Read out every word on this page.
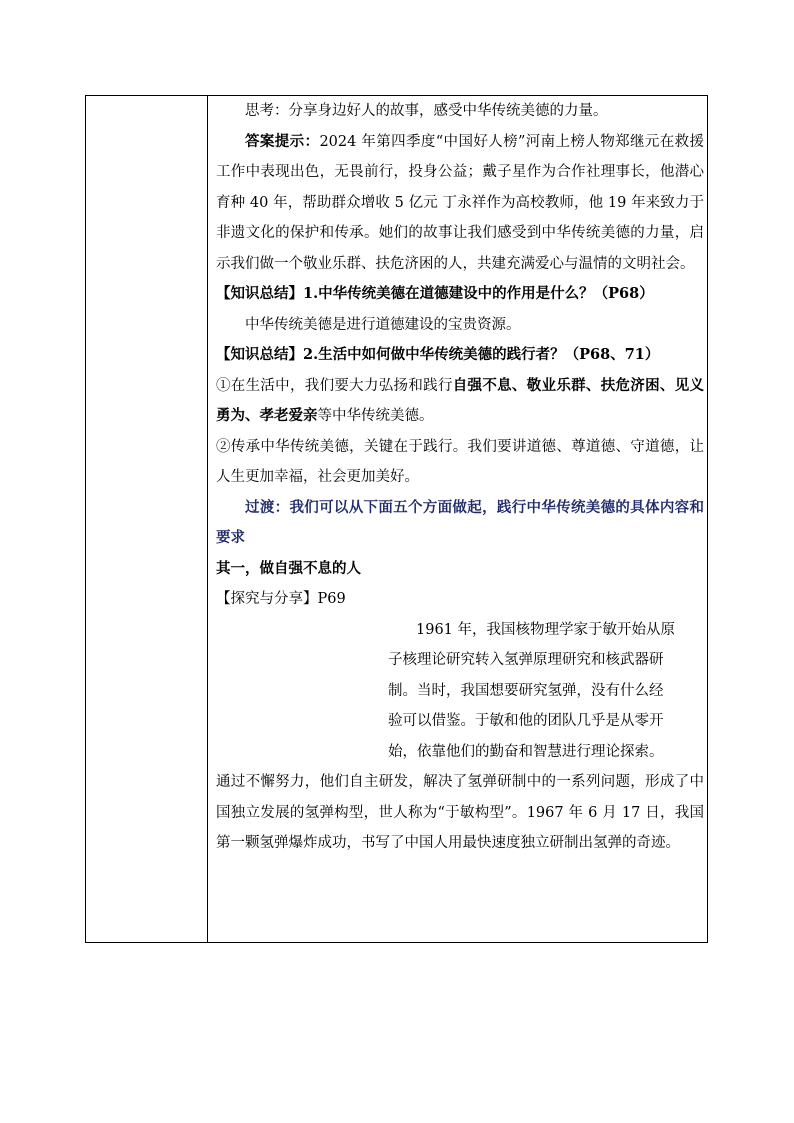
思考：分享身边好人的故事，感受中华传统美德的力量。

答案提示：2024 年第四季度“中国好人榜”河南上榜人物郑继元在救援工作中表现出色，无畏前行，投身公益；戴子星作为合作社理事长，他潜心育种 40 年，帮助群众增收 5 亿元 丁永祥作为高校教师，他 19 年来致力于非遗文化的保护和传承。她们的故事让我们感受到中华传统美德的力量，启示我们做一个敬业乐群、扶危济困的人，共建充满爱心与温情的文明社会。

【知识总结】1.中华传统美德在道德建设中的作用是什么？（P68）

中华传统美德是进行道德建设的宝贵资源。

【知识总结】2.生活中如何做中华传统美德的践行者？（P68、71）

①在生活中，我们要大力弘扬和践行自强不息、敬业乐群、扶危济困、见义勇为、孝老爱亲等中华传统美德。

②传承中华传统美德，关键在于践行。我们要讲道德、尊道德、守道德，让人生更加幸福，社会更加美好。

过渡：我们可以从下面五个方面做起，践行中华传统美德的具体内容和要求

其一，做自强不息的人

【探究与分享】P69

1961 年，我国核物理学家于敏开始从原
子核理论研究转入氢弹原理研究和核武器研
制。当时，我国想要研究氢弹，没有什么经
验可以借鉴。于敏和他的团队几乎是从零开
始，依靠他们的勤奋和智慧进行理论探索。

通过不懈努力，他们自主研发，解决了氢弹研制中的一系列问题，形成了中国独立发展的氢弹构型，世人称为“于敏构型”。1967 年 6 月 17 日，我国第一颗氢弹爆炸成功，书写了中国人用最快速度独立研制出氢弹的奇迹。
